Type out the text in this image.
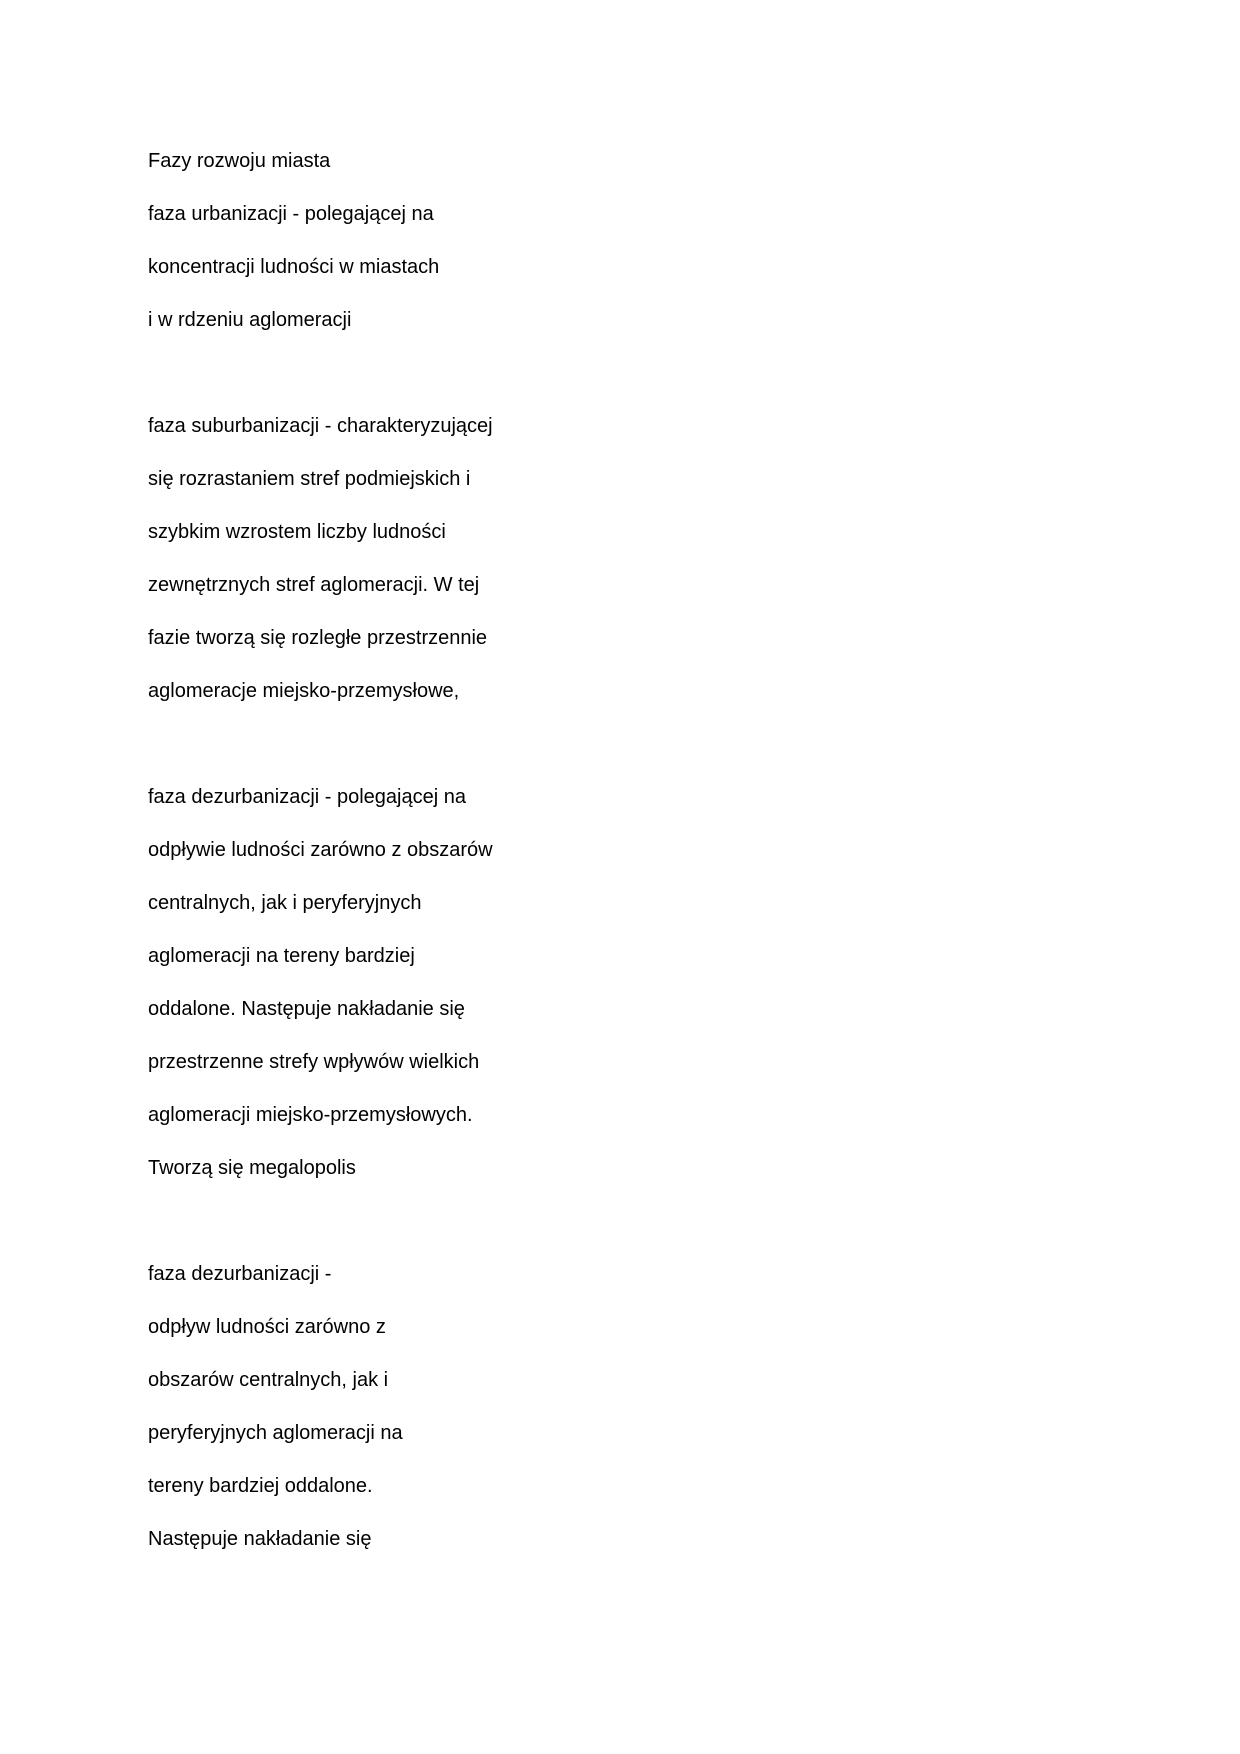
Fazy rozwoju miasta
faza urbanizacji - polegającej na
koncentracji ludności w miastach
i w rdzeniu aglomeracji
faza suburbanizacji - charakteryzującej
się rozrastaniem stref podmiejskich i
szybkim wzrostem liczby ludności
zewnętrznych stref aglomeracji. W tej
fazie tworzą się rozległe przestrzennie
aglomeracje miejsko-przemysłowe,
faza dezurbanizacji - polegającej na
odpływie ludności zarówno z obszarów
centralnych, jak i peryferyjnych
aglomeracji na tereny bardziej
oddalone. Następuje nakładanie się
przestrzenne strefy wpływów wielkich
aglomeracji miejsko-przemysłowych.
Tworzą się megalopolis
faza dezurbanizacji -
odpływ ludności zarówno z
obszarów centralnych, jak i
peryferyjnych aglomeracji na
tereny bardziej oddalone.
Następuje nakładanie się
